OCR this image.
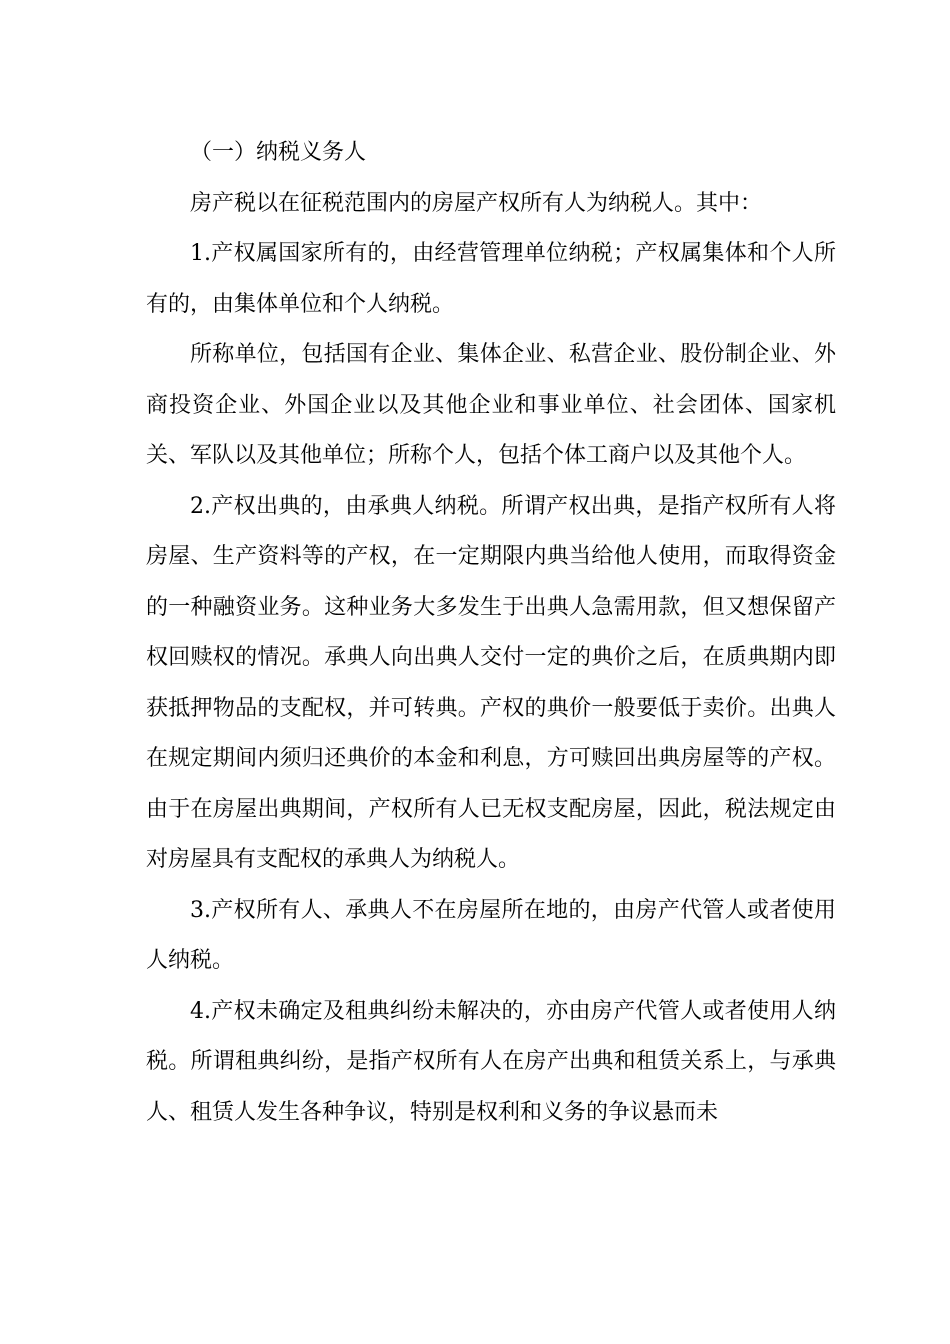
（一）纳税义务人

房产税以在征税范围内的房屋产权所有人为纳税人。其中：

1.产权属国家所有的，由经营管理单位纳税；产权属集体和个人所有的，由集体单位和个人纳税。

所称单位，包括国有企业、集体企业、私营企业、股份制企业、外商投资企业、外国企业以及其他企业和事业单位、社会团体、国家机关、军队以及其他单位；所称个人，包括个体工商户以及其他个人。

2.产权出典的，由承典人纳税。所谓产权出典，是指产权所有人将房屋、生产资料等的产权，在一定期限内典当给他人使用，而取得资金的一种融资业务。这种业务大多发生于出典人急需用款，但又想保留产权回赎权的情况。承典人向出典人交付一定的典价之后，在质典期内即获抵押物品的支配权，并可转典。产权的典价一般要低于卖价。出典人在规定期间内须归还典价的本金和利息，方可赎回出典房屋等的产权。由于在房屋出典期间，产权所有人已无权支配房屋，因此，税法规定由对房屋具有支配权的承典人为纳税人。

3.产权所有人、承典人不在房屋所在地的，由房产代管人或者使用人纳税。

4.产权未确定及租典纠纷未解决的，亦由房产代管人或者使用人纳税。所谓租典纠纷，是指产权所有人在房产出典和租赁关系上，与承典人、租赁人发生各种争议，特别是权利和义务的争议悬而未
